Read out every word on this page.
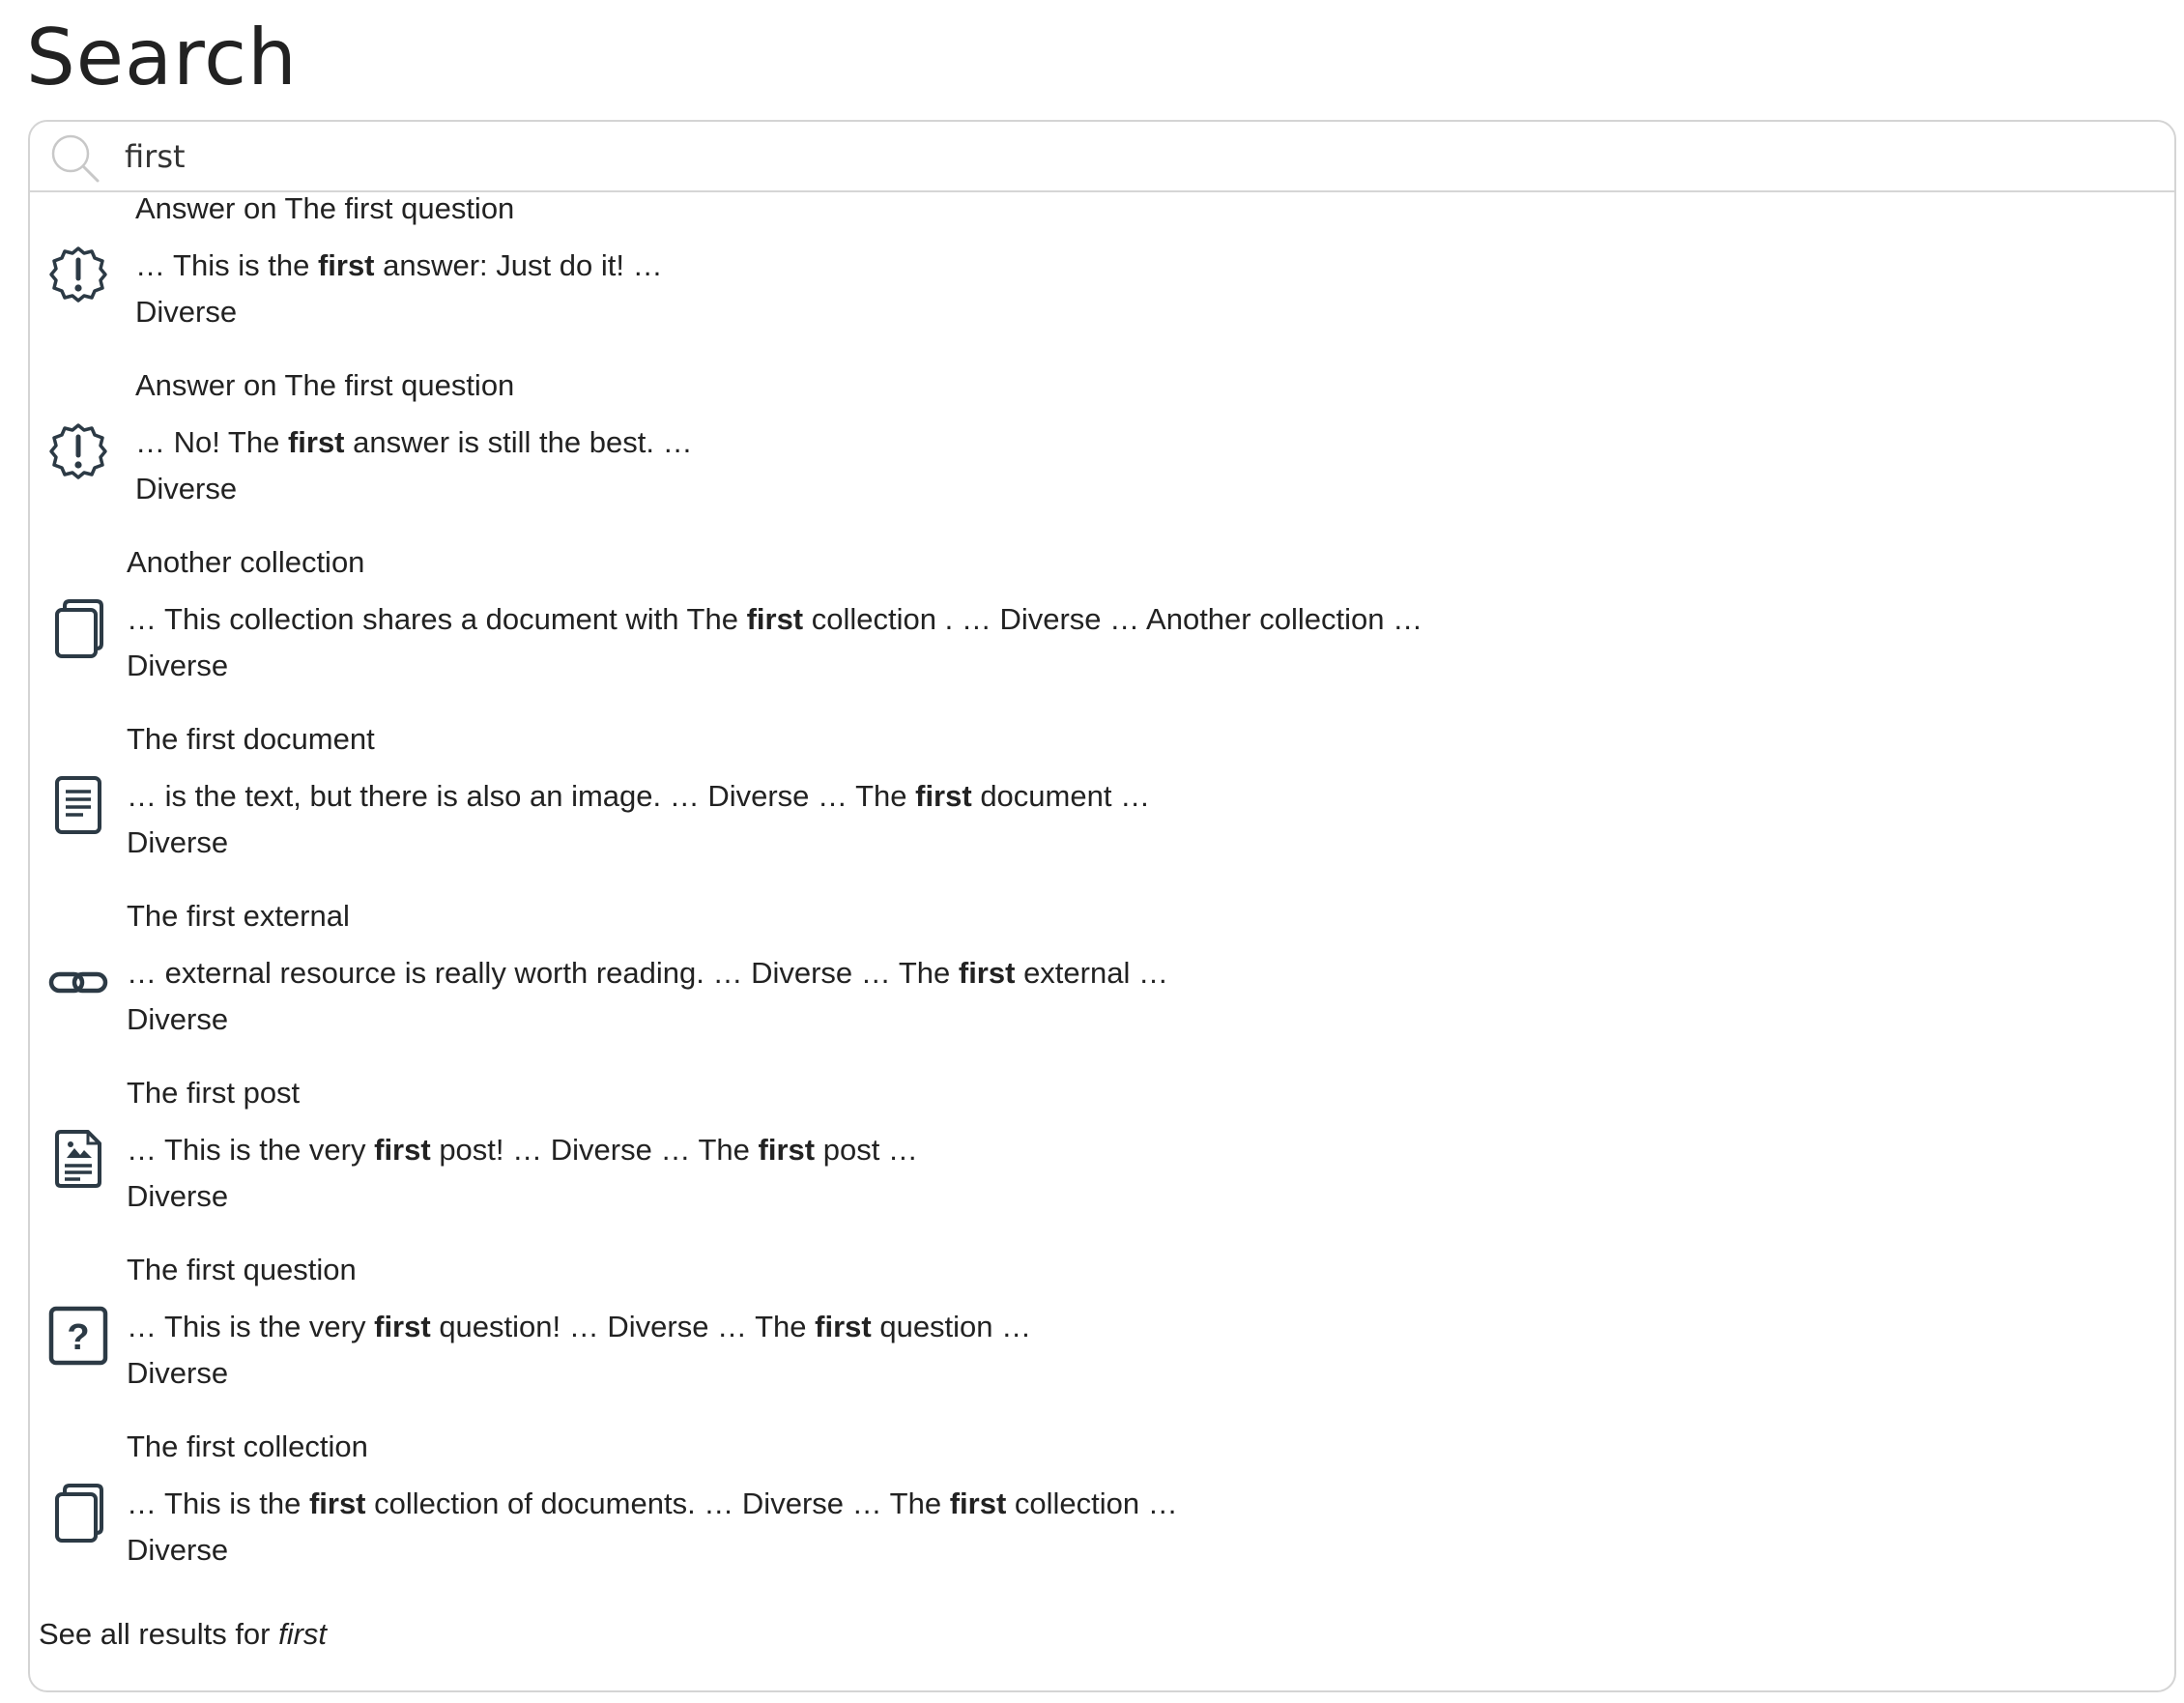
Search
first
Answer on The first question
… This is the first answer: Just do it! …
Diverse
Answer on The first question
… No! The first answer is still the best. …
Diverse
Another collection
… This collection shares a document with The first collection . … Diverse … Another collection …
Diverse
The first document
… is the text, but there is also an image. … Diverse … The first document …
Diverse
The first external
… external resource is really worth reading. … Diverse … The first external …
Diverse
The first post
… This is the very first post! … Diverse … The first post …
Diverse
?
The first question
… This is the very first question! … Diverse … The first question …
Diverse
The first collection
… This is the first collection of documents. … Diverse … The first collection …
Diverse
See all results for first
